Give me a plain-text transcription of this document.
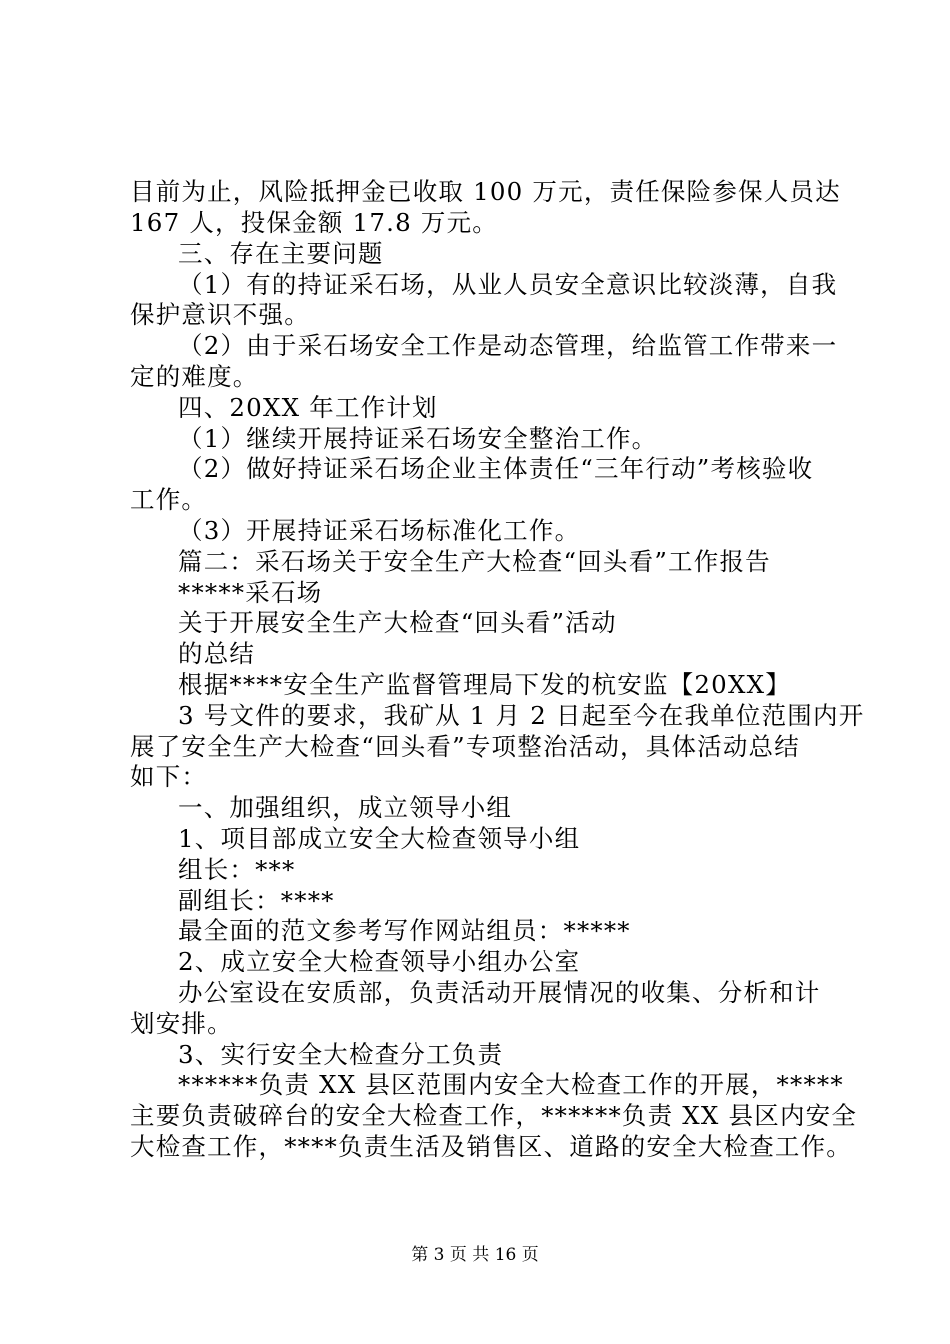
目前为止，风险抵押金已收取 100 万元，责任保险参保人员达
167 人，投保金额 17.8 万元。
三、存在主要问题
（1）有的持证采石场，从业人员安全意识比较淡薄，自我
保护意识不强。
（2）由于采石场安全工作是动态管理，给监管工作带来一
定的难度。
四、20XX 年工作计划
（1）继续开展持证采石场安全整治工作。
（2）做好持证采石场企业主体责任“三年行动”考核验收
工作。
（3）开展持证采石场标准化工作。
篇二：采石场关于安全生产大检查“回头看”工作报告
*****采石场
关于开展安全生产大检查“回头看”活动
的总结
根据****安全生产监督管理局下发的杭安监【20XX】
3 号文件的要求，我矿从 1 月 2 日起至今在我单位范围内开
展了安全生产大检查“回头看”专项整治活动，具体活动总结
如下：
一、加强组织，成立领导小组
1、项目部成立安全大检查领导小组
组长：***
副组长：****
最全面的范文参考写作网站组员：*****
2、成立安全大检查领导小组办公室
办公室设在安质部，负责活动开展情况的收集、分析和计
划安排。
3、实行安全大检查分工负责
******负责 XX 县区范围内安全大检查工作的开展，*****
主要负责破碎台的安全大检查工作，******负责 XX 县区内安全
大检查工作，****负责生活及销售区、道路的安全大检查工作。
第 3 页 共 16 页
